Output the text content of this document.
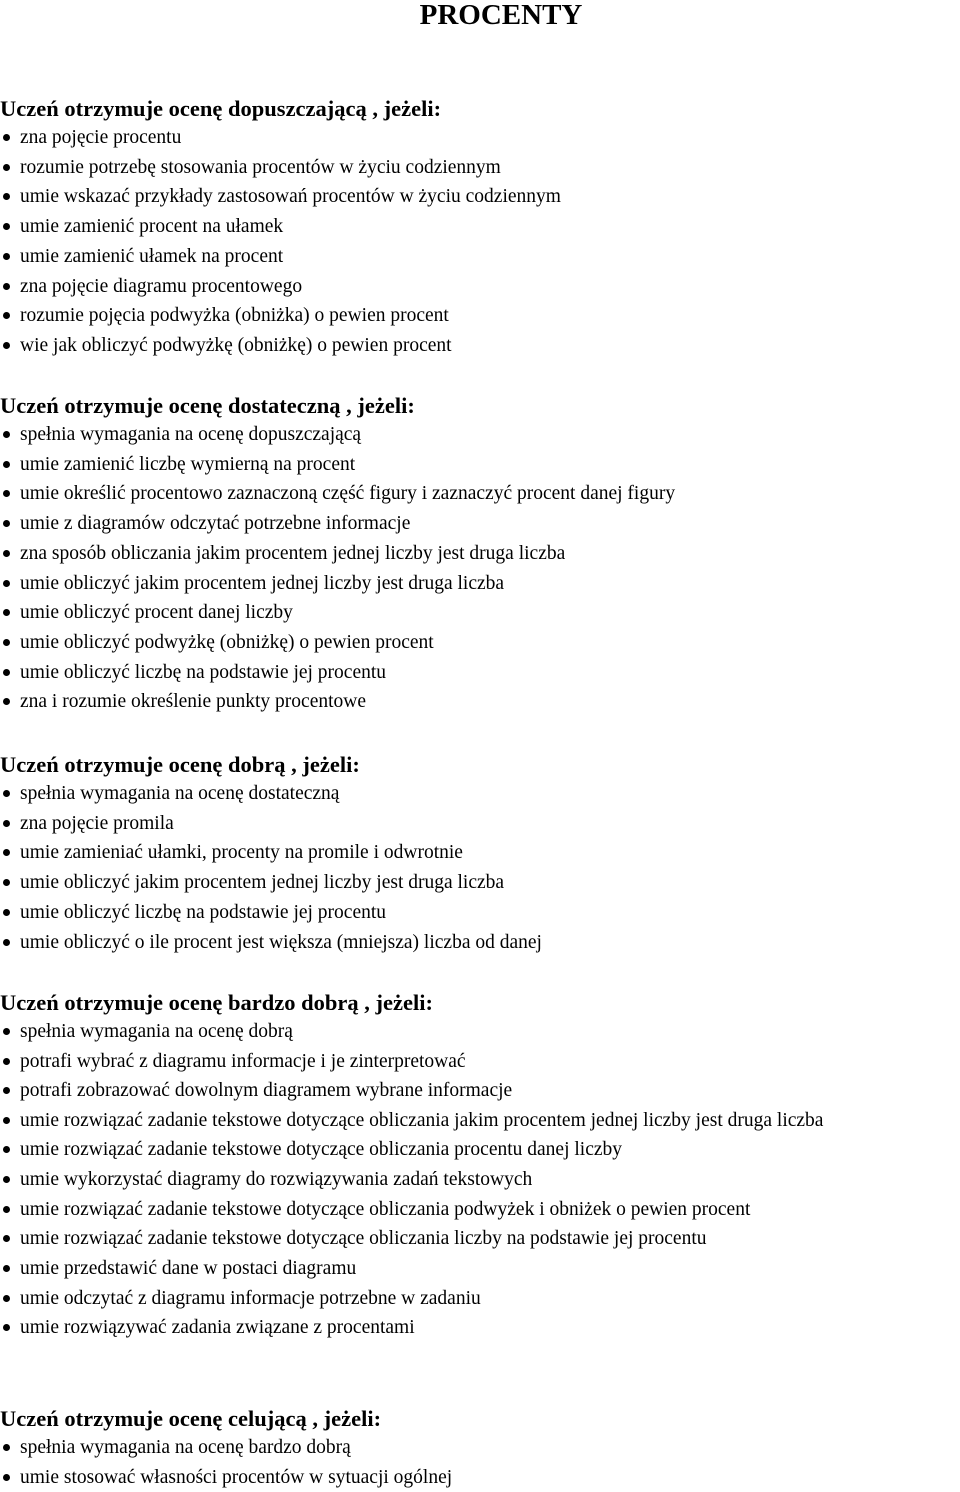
PROCENTY
Uczeń otrzymuje ocenę dopuszczającą , jeżeli:
zna pojęcie procentu
rozumie potrzebę stosowania procentów w życiu codziennym
umie wskazać przykłady zastosowań procentów w życiu codziennym
umie zamienić procent na ułamek
umie zamienić ułamek na procent
zna pojęcie diagramu procentowego
rozumie pojęcia podwyżka (obniżka) o pewien procent
wie jak obliczyć podwyżkę (obniżkę) o pewien procent
Uczeń otrzymuje ocenę dostateczną , jeżeli:
spełnia wymagania na ocenę dopuszczającą
umie zamienić liczbę wymierną na procent
umie określić procentowo zaznaczoną część figury i zaznaczyć procent danej figury
umie z diagramów odczytać potrzebne informacje
zna sposób obliczania jakim procentem jednej liczby jest druga liczba
umie obliczyć jakim procentem jednej liczby jest druga liczba
umie obliczyć procent danej liczby
umie obliczyć podwyżkę (obniżkę) o pewien procent
umie obliczyć liczbę na podstawie jej procentu
zna i rozumie określenie punkty procentowe
Uczeń otrzymuje ocenę dobrą , jeżeli:
spełnia wymagania na ocenę dostateczną
zna pojęcie promila
umie zamieniać ułamki, procenty na promile i odwrotnie
umie obliczyć jakim procentem jednej liczby jest druga liczba
umie obliczyć liczbę na podstawie jej procentu
umie obliczyć o ile procent jest większa (mniejsza) liczba od danej
Uczeń otrzymuje ocenę bardzo dobrą , jeżeli:
spełnia wymagania na ocenę dobrą
potrafi wybrać z diagramu informacje i je zinterpretować
potrafi zobrazować dowolnym diagramem wybrane informacje
umie rozwiązać zadanie tekstowe dotyczące obliczania jakim procentem jednej liczby jest druga liczba
umie rozwiązać zadanie tekstowe dotyczące obliczania procentu danej liczby
umie wykorzystać diagramy do rozwiązywania zadań tekstowych
umie rozwiązać zadanie tekstowe dotyczące obliczania podwyżek i obniżek o pewien procent
umie rozwiązać zadanie tekstowe dotyczące obliczania liczby na podstawie jej procentu
umie przedstawić dane w postaci diagramu
umie odczytać z diagramu informacje potrzebne w zadaniu
umie rozwiązywać zadania związane z procentami
Uczeń otrzymuje ocenę celującą , jeżeli:
spełnia wymagania na ocenę bardzo dobrą
umie stosować własności procentów w sytuacji ogólnej
